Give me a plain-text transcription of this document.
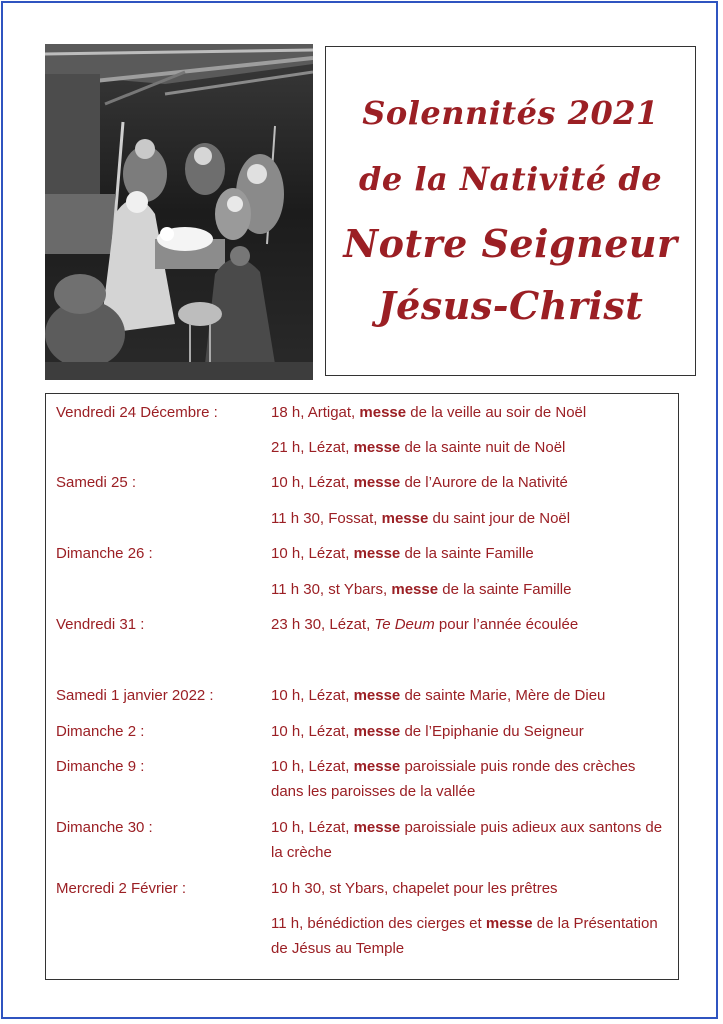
Solennités 2021
de la Nativité de
Notre Seigneur
Jésus-Christ
Vendredi 24 Décembre :	18 h, Artigat, messe de la veille au soir de Noël
21 h, Lézat, messe de la sainte nuit de Noël
Samedi 25 :	10 h, Lézat, messe de l’Aurore de la Nativité
11 h 30, Fossat, messe du saint jour de Noël
Dimanche 26 :	10 h, Lézat, messe de la sainte Famille
11 h 30, st Ybars, messe de la sainte Famille
Vendredi 31 :	23 h 30, Lézat, Te Deum pour l’année écoulée
Samedi 1 janvier 2022 :	10 h, Lézat, messe de sainte Marie, Mère de Dieu
Dimanche 2 :	10 h, Lézat, messe de l’Epiphanie du Seigneur
Dimanche 9 :	10 h, Lézat, messe paroissiale puis ronde des crèches dans les paroisses de la vallée
Dimanche 30 :	10 h, Lézat, messe paroissiale puis adieux aux santons de la crèche
Mercredi 2 Février :	10 h 30, st Ybars, chapelet pour les prêtres
11 h, bénédiction des cierges et messe de la Présentation de Jésus au Temple
